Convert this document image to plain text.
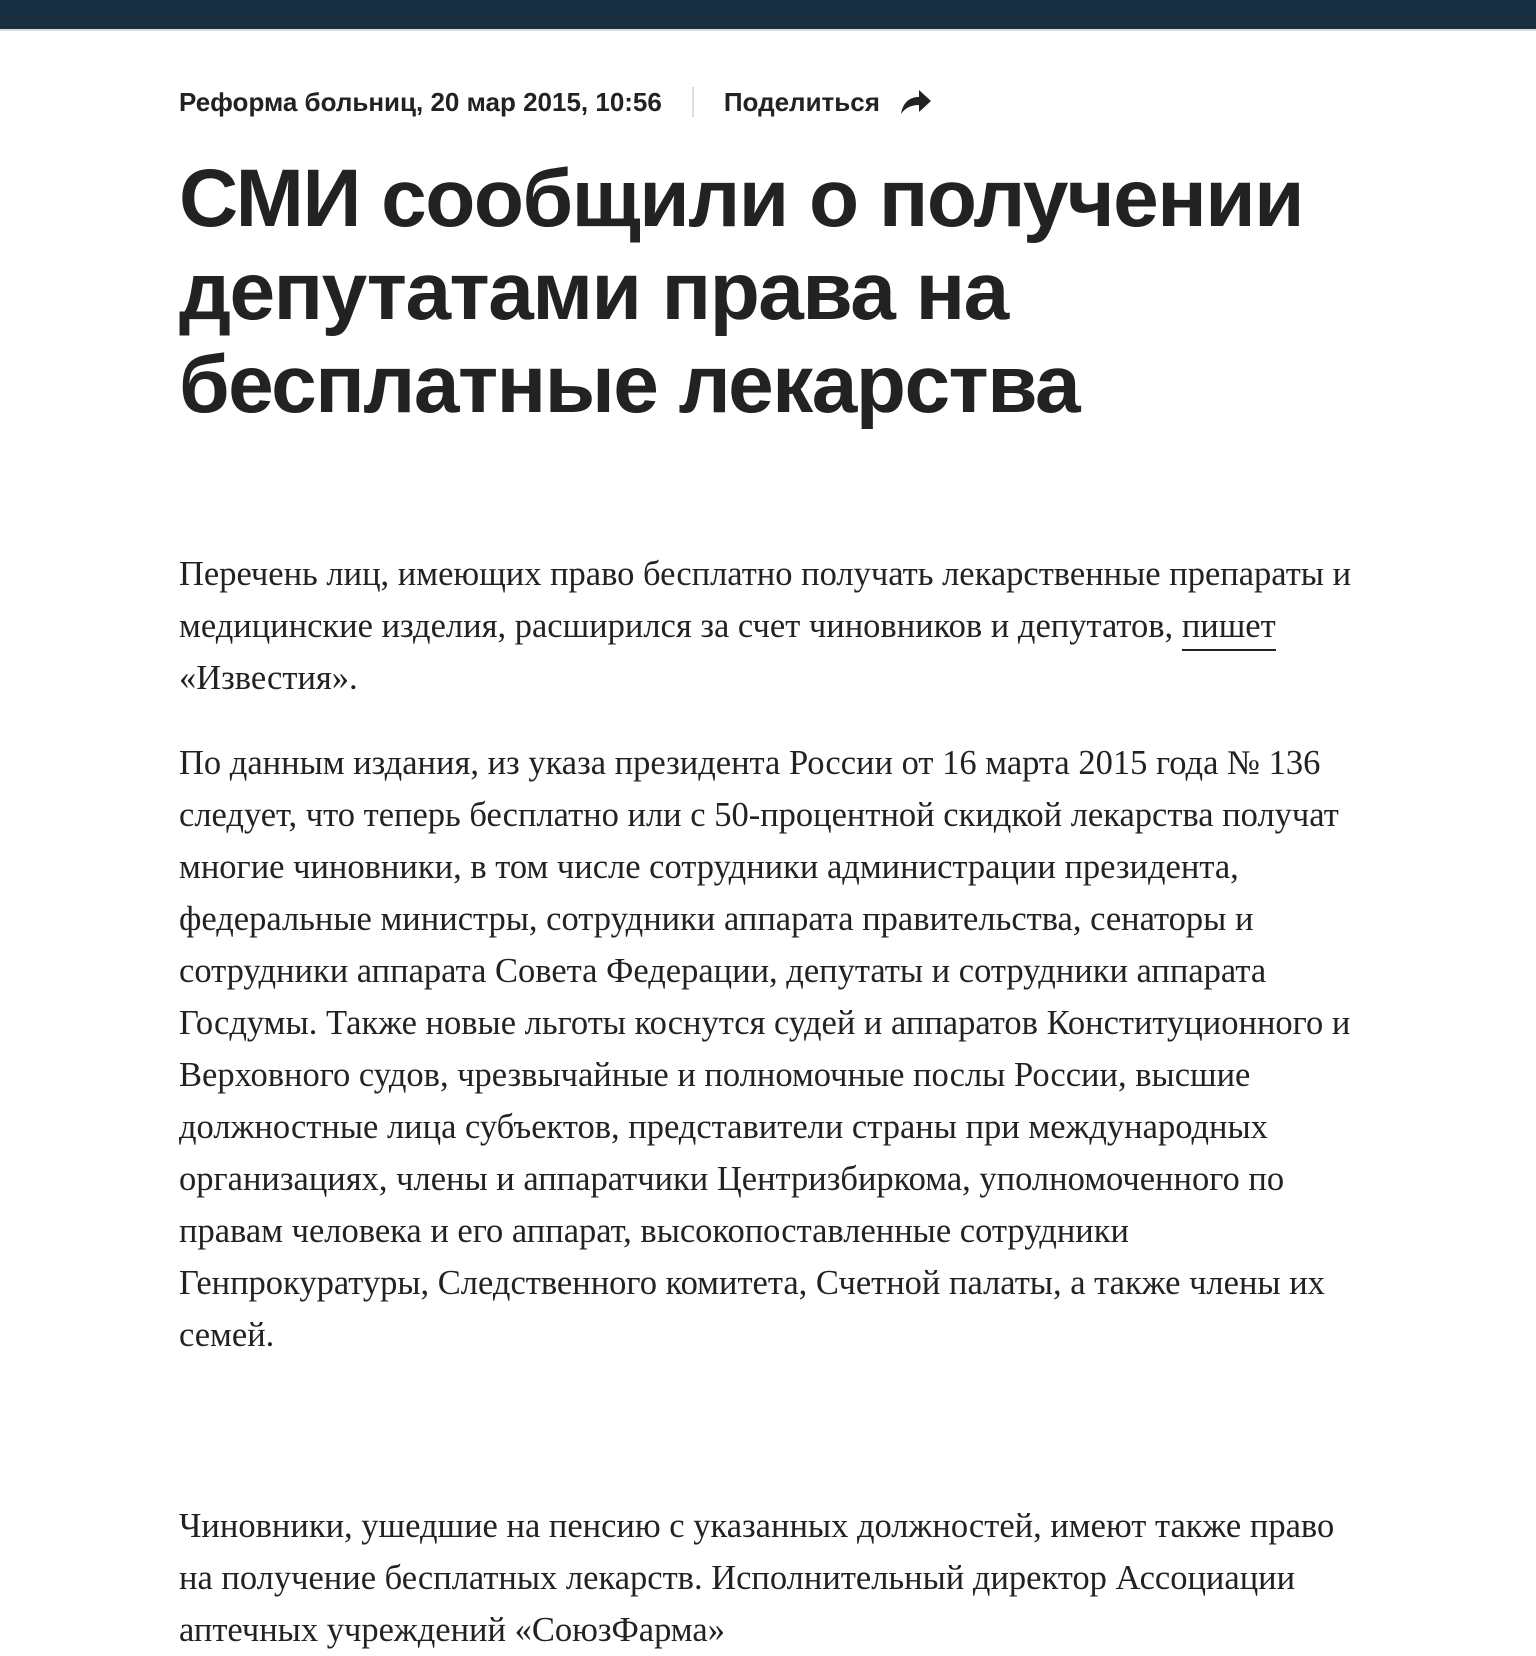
Реформа больниц, 20 мар 2015, 10:56 Поделиться
СМИ сообщили о получении депутатами права на бесплатные лекарства

Перечень лиц, имеющих право бесплатно получать лекарственные препараты и медицинские изделия, расширился за счет чиновников и депутатов, пишет «Известия».

По данным издания, из указа президента России от 16 марта 2015 года № 136 следует, что теперь бесплатно или с 50-процентной скидкой лекарства получат многие чиновники, в том числе сотрудники администрации президента, федеральные министры, сотрудники аппарата правительства, сенаторы и сотрудники аппарата Совета Федерации, депутаты и сотрудники аппарата Госдумы. Также новые льготы коснутся судей и аппаратов Конституционного и Верховного судов, чрезвычайные и полномочные послы России, высшие должностные лица субъектов, представители страны при международных организациях, члены и аппаратчики Центризбиркома, уполномоченного по правам человека и его аппарат, высокопоставленные сотрудники Генпрокуратуры, Следственного комитета, Счетной палаты, а также члены их семей.

Чиновники, ушедшие на пенсию с указанных должностей, имеют также право на получение бесплатных лекарств. Исполнительный директор Ассоциации аптечных учреждений «СоюзФарма»
